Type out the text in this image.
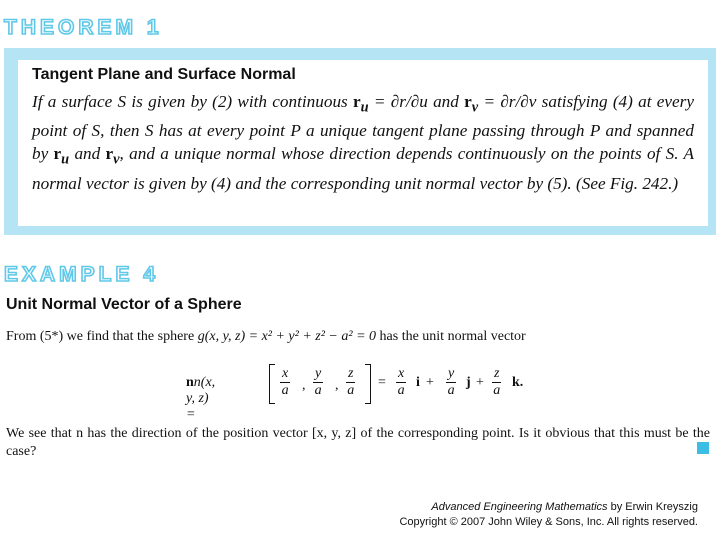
THEOREM 1

Tangent Plane and Surface Normal

If a surface S is given by (2) with continuous $r_u = \partial r/\partial u$ and $r_v = \partial r/\partial v$ satisfying (4) at every point of S, then S has at every point P a unique tangent plane passing through P and spanned by $r_u$ and $r_v$, and a unique normal whose direction depends continuously on the points of S. A normal vector is given by (4) and the corresponding unit normal vector by (5). (See Fig. 242.)

EXAMPLE 4
Unit Normal Vector of a Sphere
From (5*) we find that the sphere g(x, y, z) = x² + y² + z² − a² = 0 has the unit normal vector
nn(x, y, z) =
$\frac{x}{a}$ , $\frac{y}{a}$ , $\frac{z}{a} = \frac{x}{a}$ $i + \frac{y}{a}$ $j + \frac{z}{a} k$.

We see that n has the direction of the position vector [x, y, z] of the corresponding point. Is it obvious that this must be the case?

Advanced Engineering Mathematics by Erwin Kreyszig
Copyright © 2007 John Wiley & Sons, Inc. All rights reserved.
